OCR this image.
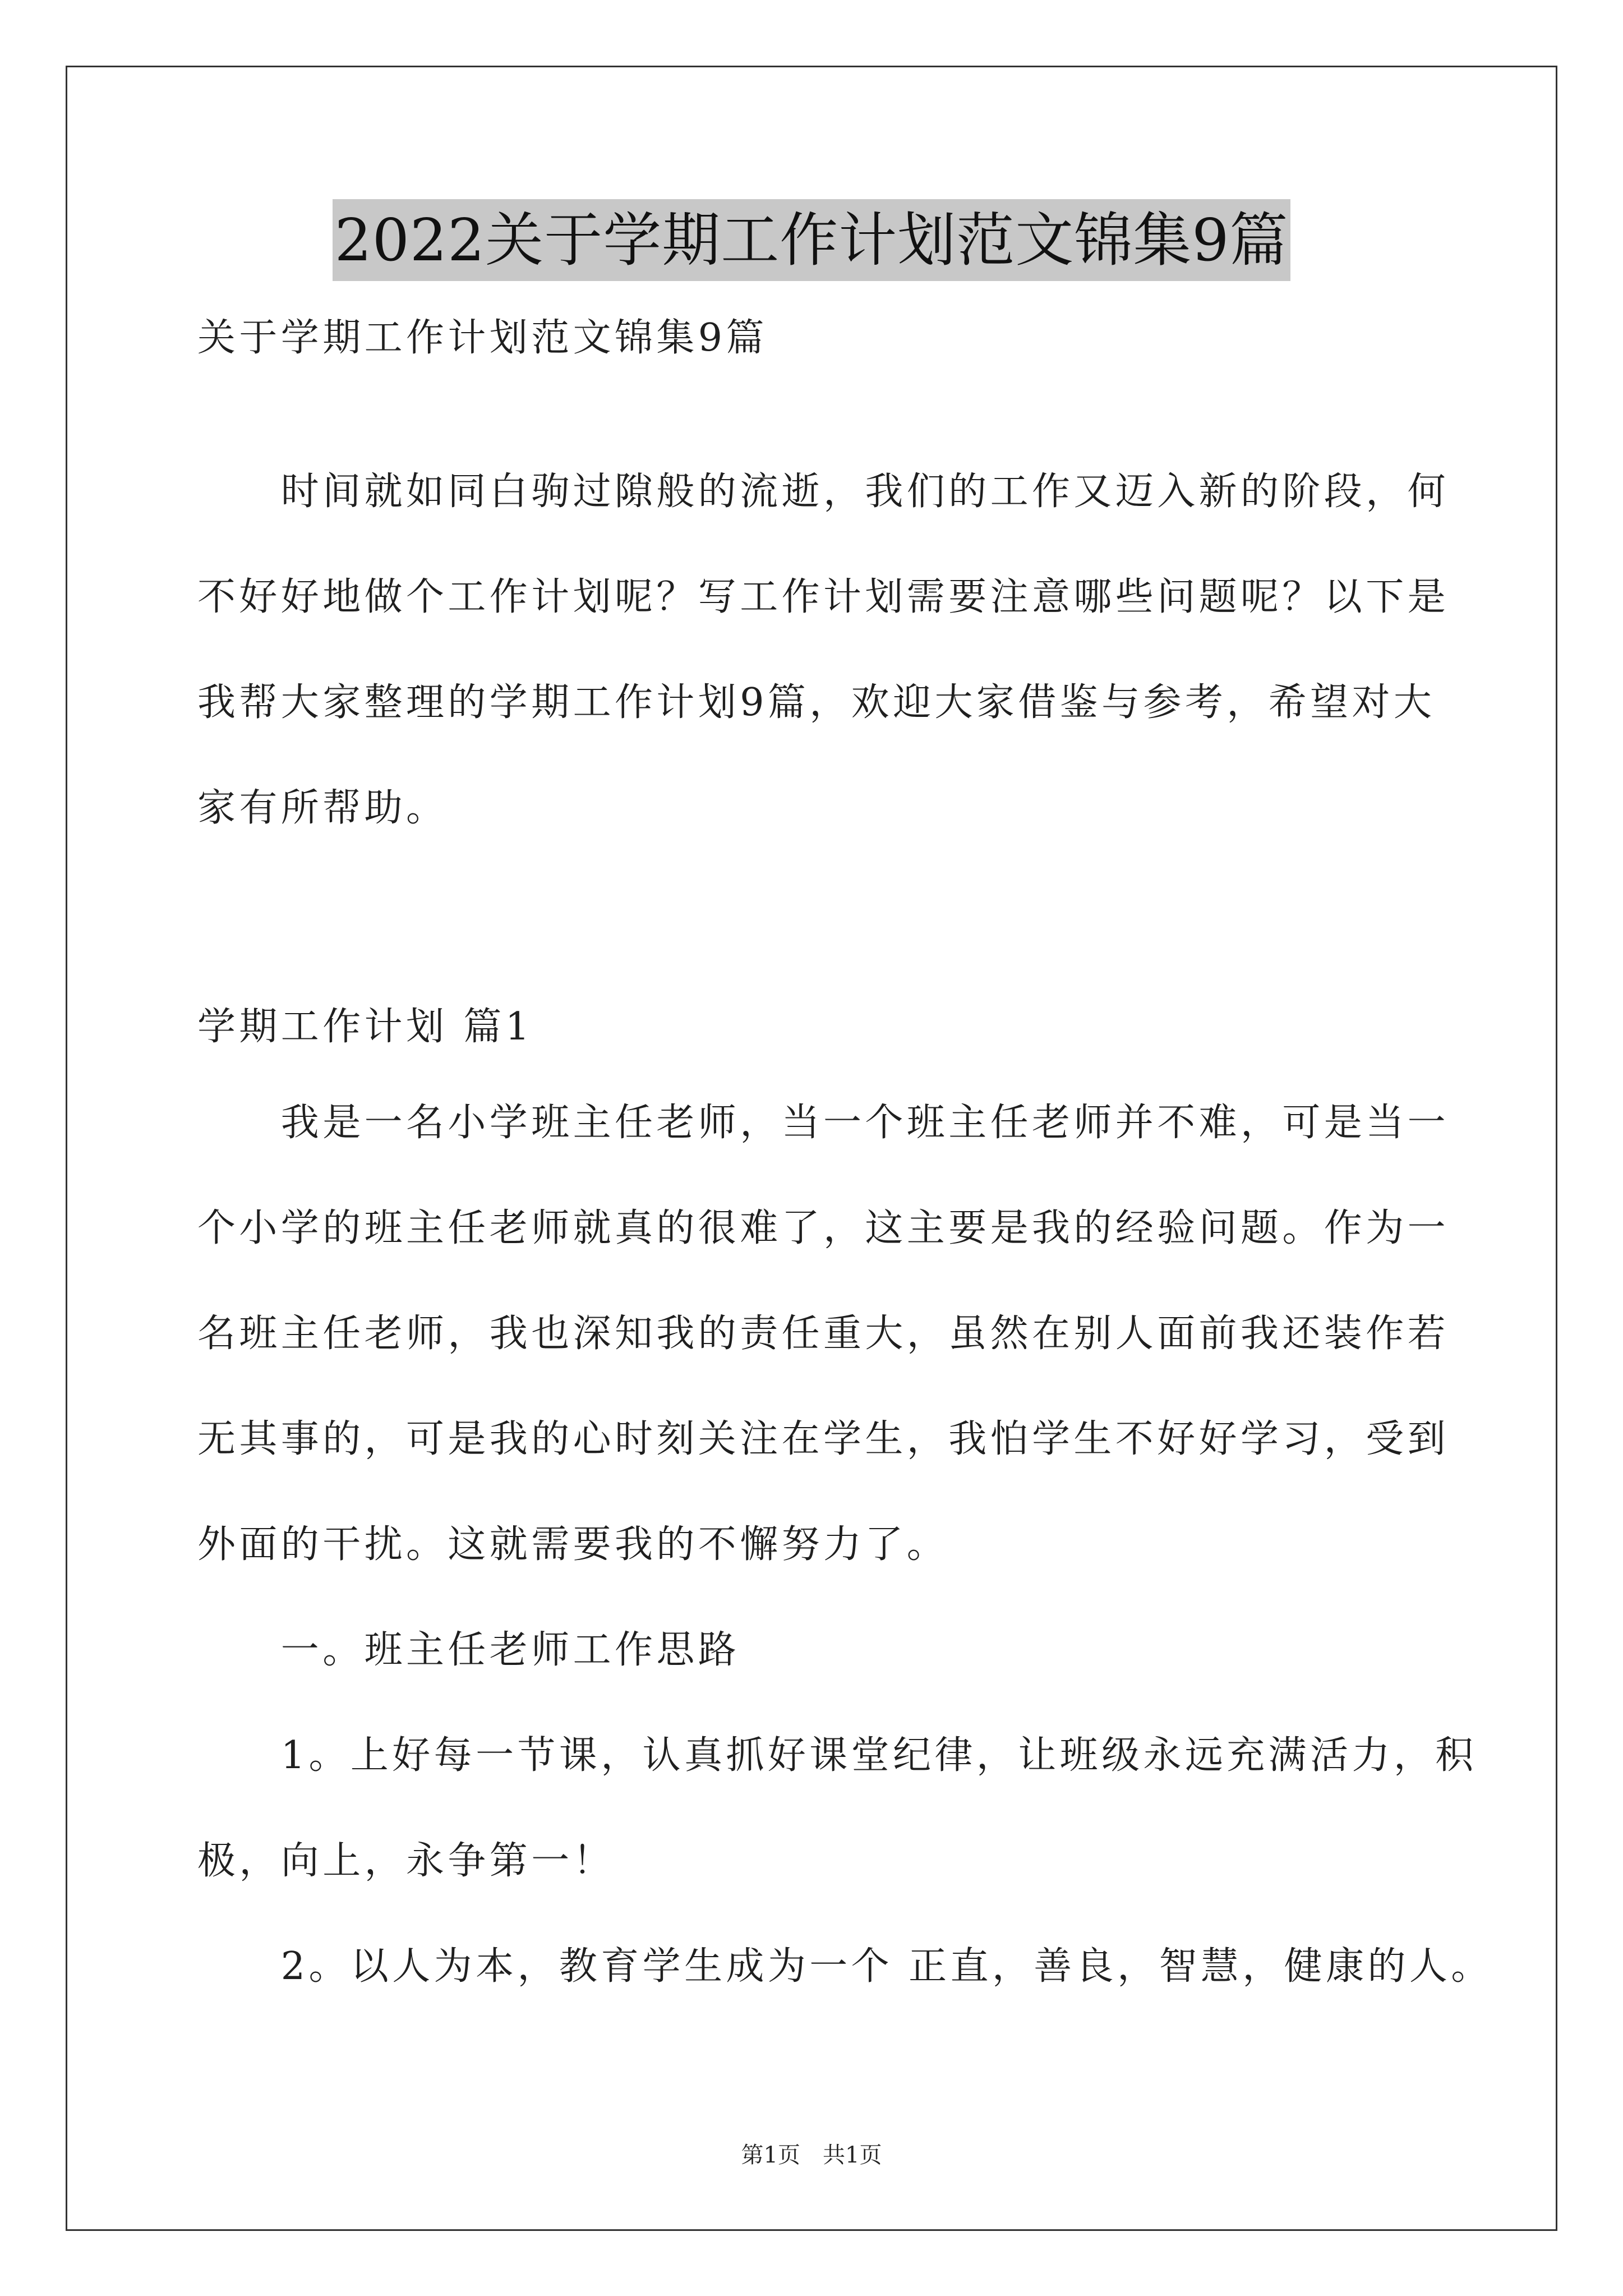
2022关于学期工作计划范文锦集9篇
关于学期工作计划范文锦集9篇
　　时间就如同白驹过隙般的流逝，我们的工作又迈入新的阶段，何
不好好地做个工作计划呢？写工作计划需要注意哪些问题呢？以下是
我帮大家整理的学期工作计划9篇，欢迎大家借鉴与参考，希望对大
家有所帮助。
学期工作计划 篇1
　　我是一名小学班主任老师，当一个班主任老师并不难，可是当一
个小学的班主任老师就真的很难了，这主要是我的经验问题。作为一
名班主任老师，我也深知我的责任重大，虽然在别人面前我还装作若
无其事的，可是我的心时刻关注在学生，我怕学生不好好学习，受到
外面的干扰。这就需要我的不懈努力了。
　　一。班主任老师工作思路
　　1。上好每一节课，认真抓好课堂纪律，让班级永远充满活力，积
极，向上，永争第一！
　　2。以人为本，教育学生成为一个 正直，善良，智慧，健康的人。
第1页　共1页
